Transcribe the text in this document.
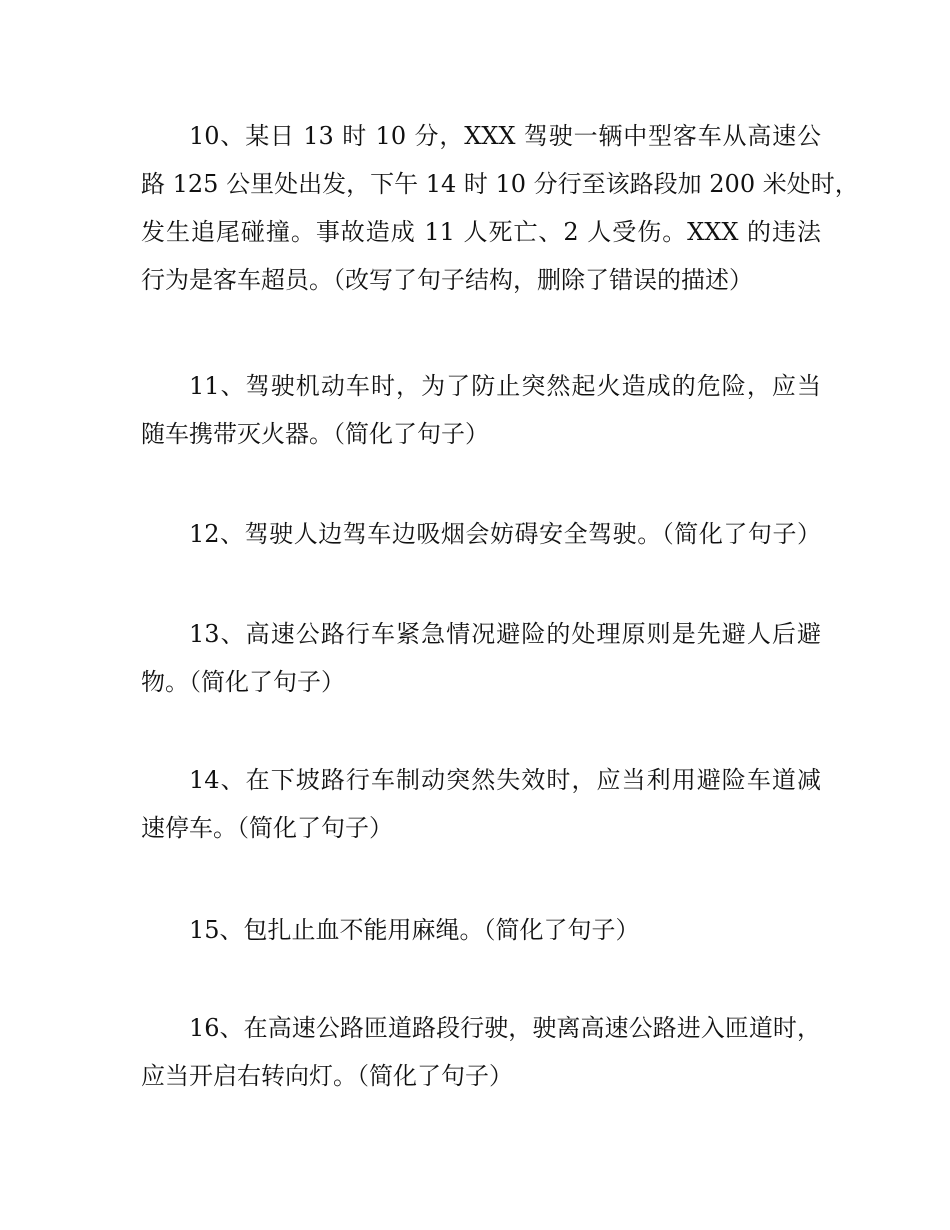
10、某日 13 时 10 分，XXX 驾驶一辆中型客车从高速公
路 125 公里处出发，下午 14 时 10 分行至该路段加 200 米处时，
发生追尾碰撞。事故造成 11 人死亡、2 人受伤。XXX 的违法
行为是客车超员。（改写了句子结构，删除了错误的描述）
11、驾驶机动车时，为了防止突然起火造成的危险，应当
随车携带灭火器。（简化了句子）
12、驾驶人边驾车边吸烟会妨碍安全驾驶。（简化了句子）
13、高速公路行车紧急情况避险的处理原则是先避人后避
物。（简化了句子）
14、在下坡路行车制动突然失效时，应当利用避险车道减
速停车。（简化了句子）
15、包扎止血不能用麻绳。（简化了句子）
16、在高速公路匝道路段行驶，驶离高速公路进入匝道时，
应当开启右转向灯。（简化了句子）
